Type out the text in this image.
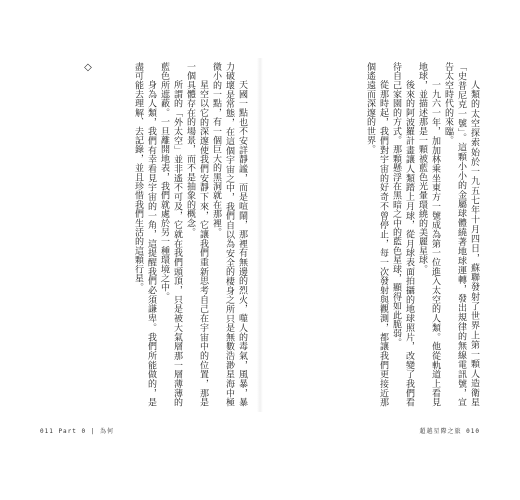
◇

天國一點也不安詳靜謐，而是喧鬧，那裡有無邊的烈火，噬人的毒氣，風暴，暴力破壞是常態，在這個宇宙之中，我們自以為安全的棲身之所只是無數浩渺星海中極微小的一點，有一個巨大的黑洞就在那裡。

星空以它的深邃使我們安靜下來，它讓我們重新思考自己在宇宙中的位置，那是一個具體存在的場景，而不是抽象的概念。

所謂的「外太空」並非遙不可及，它就在我們頭頂，只是被大氣層那一層薄薄的藍色所遮蔽。一旦離開地表，我們就處於另一種環境之中。

身為人類，我們有幸看見宇宙的一角，這提醒我們必須謙卑。我們所能做的，是盡可能去理解、去記錄，並且珍惜我們生活的這顆行星。	人類的太空探索始於一九五七年十月四日，蘇聯發射了世界上第一顆人造衛星「史普尼克一號」。這顆小小的金屬球體繞著地球運轉，發出規律的無線電訊號，宣告太空時代的來臨。

一九六一年，加加林乘坐東方一號成為第一位進入太空的人類。他從軌道上看見地球，並描述那是一顆被藍色光暈環繞的美麗星球。

後來的阿波羅計畫讓人類踏上月球，從月球表面拍攝的地球照片，改變了我們看待自己家園的方式。那顆懸浮在黑暗之中的藍色星球，顯得如此脆弱。

從那時起，我們對宇宙的好奇不曾停止，每一次發射與觀測，都讓我們更接近那個遙遠而深邃的世界。

011 Part 0 | 為何	超越星際之旅 010
